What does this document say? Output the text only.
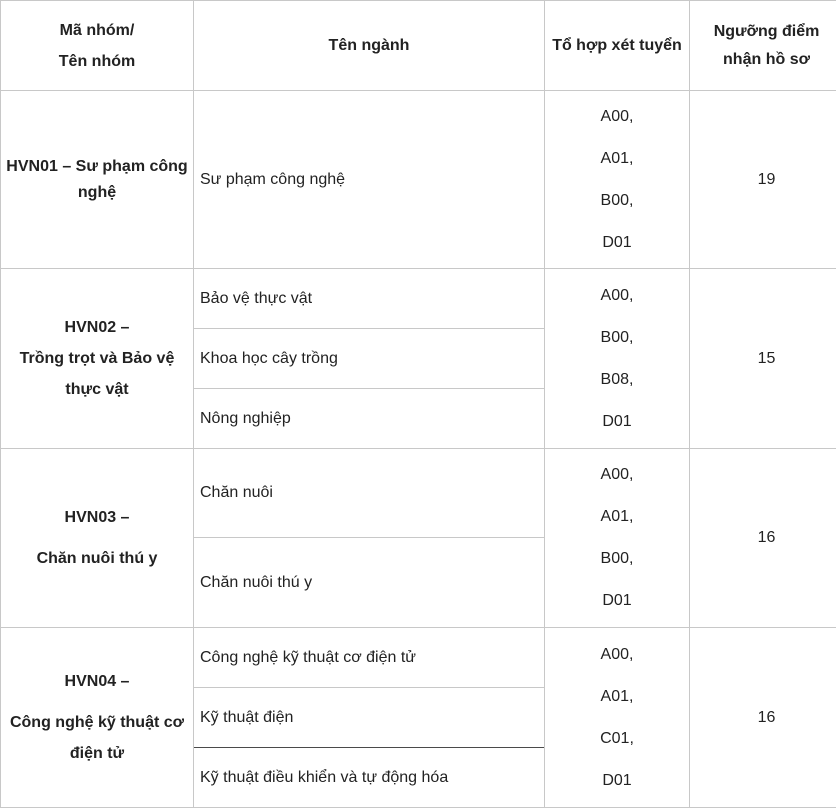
Mã nhóm/
Tên nhóm	Tên ngành	Tổ hợp xét tuyển	Ngưỡng điểm
nhận hồ sơ

HVN01 – Sư phạm công
nghệ	Sư phạm công nghệ	A00,
A01,
B00,
D01	19

HVN02 –
Trồng trọt và Bảo vệ
thực vật	Bảo vệ thực vật	A00,
B00,
B08,
D01	15
	Khoa học cây trồng		
	Nông nghiệp		

HVN03 –
Chăn nuôi thú y	Chăn nuôi	A00,
A01,
B00,
D01	16
	Chăn nuôi thú y		

HVN04 –
Công nghệ kỹ thuật cơ
điện tử	Công nghệ kỹ thuật cơ điện tử	A00,
A01,
C01,
D01	16
	Kỹ thuật điện		
	Kỹ thuật điều khiển và tự động hóa		
